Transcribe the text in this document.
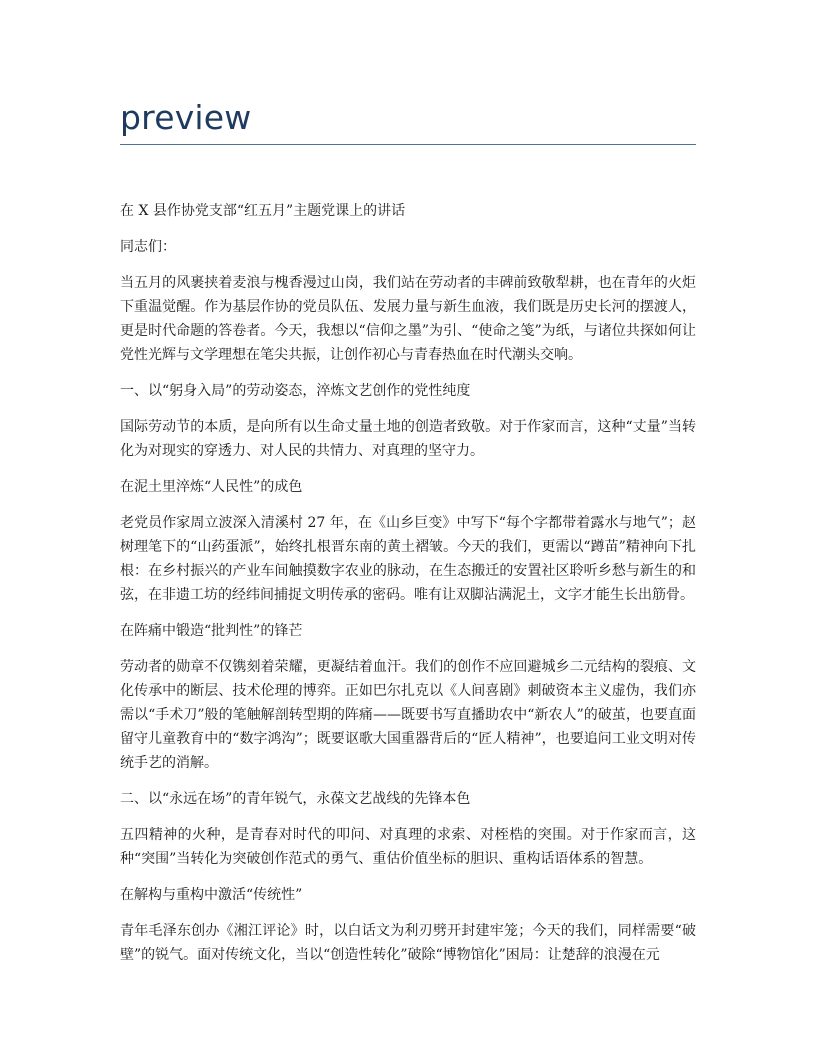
preview

在 X 县作协党支部“红五月”主题党课上的讲话

同志们：

当五月的风裹挟着麦浪与槐香漫过山岗，我们站在劳动者的丰碑前致敬犁耕，也在青年的火炬下重温觉醒。作为基层作协的党员队伍、发展力量与新生血液，我们既是历史长河的摆渡人，更是时代命题的答卷者。今天，我想以“信仰之墨”为引、“使命之笺”为纸，与诸位共探如何让党性光辉与文学理想在笔尖共振，让创作初心与青春热血在时代潮头交响。

一、以“躬身入局”的劳动姿态，淬炼文艺创作的党性纯度

国际劳动节的本质，是向所有以生命丈量土地的创造者致敬。对于作家而言，这种“丈量”当转化为对现实的穿透力、对人民的共情力、对真理的坚守力。

在泥土里淬炼“人民性”的成色

老党员作家周立波深入清溪村 27 年，在《山乡巨变》中写下“每个字都带着露水与地气”；赵树理笔下的“山药蛋派”，始终扎根晋东南的黄土褶皱。今天的我们，更需以“蹲苗”精神向下扎根：在乡村振兴的产业车间触摸数字农业的脉动，在生态搬迁的安置社区聆听乡愁与新生的和弦，在非遗工坊的经纬间捕捉文明传承的密码。唯有让双脚沾满泥土，文字才能生长出筋骨。

在阵痛中锻造“批判性”的锋芒

劳动者的勋章不仅镌刻着荣耀，更凝结着血汗。我们的创作不应回避城乡二元结构的裂痕、文化传承中的断层、技术伦理的博弈。正如巴尔扎克以《人间喜剧》刺破资本主义虚伪，我们亦需以“手术刀”般的笔触解剖转型期的阵痛——既要书写直播助农中“新农人”的破茧，也要直面留守儿童教育中的“数字鸿沟”；既要讴歌大国重器背后的“匠人精神”，也要追问工业文明对传统手艺的消解。

二、以“永远在场”的青年锐气，永葆文艺战线的先锋本色

五四精神的火种，是青春对时代的叩问、对真理的求索、对桎梏的突围。对于作家而言，这种“突围”当转化为突破创作范式的勇气、重估价值坐标的胆识、重构话语体系的智慧。

在解构与重构中激活“传统性”

青年毛泽东创办《湘江评论》时，以白话文为利刃劈开封建牢笼；今天的我们，同样需要“破壁”的锐气。面对传统文化，当以“创造性转化”破除“博物馆化”困局：让楚辞的浪漫在元
